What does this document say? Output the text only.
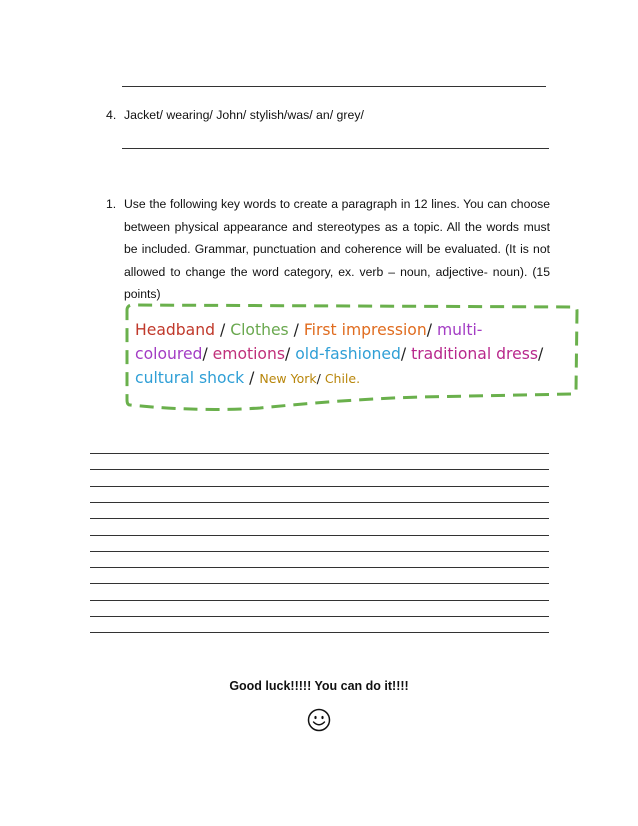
4. Jacket/ wearing/ John/ stylish/was/ an/ grey/
1. Use the following key words to create a paragraph in 12 lines. You can choose between physical appearance and stereotypes as a topic. All the words must be included. Grammar, punctuation and coherence will be evaluated. (It is not allowed to change the word category, ex. verb – noun, adjective- noun). (15 points)
Headband / Clothes / First impression/ multi-
coloured/ emotions/ old-fashioned/ traditional dress/
cultural shock / New York/ Chile.
Good luck!!!!! You can do it!!!!
